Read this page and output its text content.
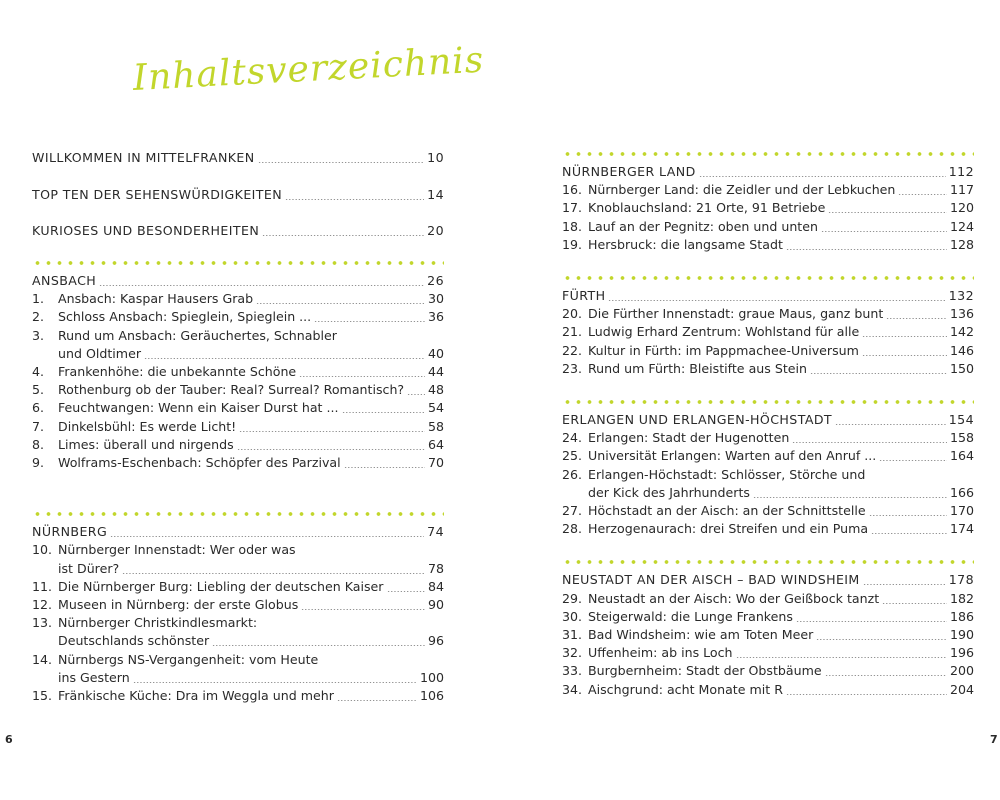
Inhaltsverzeichnis
WILLKOMMEN IN MITTELFRANKEN	10
TOP TEN DER SEHENSWÜRDIGKEITEN	14
KURIOSES UND BESONDERHEITEN	20
ANSBACH	26
1.	Ansbach: Kaspar Hausers Grab	30
2.	Schloss Ansbach: Spieglein, Spieglein ...	36
3.	Rund um Ansbach: Geräuchertes, Schnabler
und Oldtimer	40
4.	Frankenhöhe: die unbekannte Schöne	44
5.	Rothenburg ob der Tauber: Real? Surreal? Romantisch? 48
6.	Feuchtwangen: Wenn ein Kaiser Durst hat ...	54
7.	Dinkelsbühl: Es werde Licht!	58
8.	Limes: überall und nirgends	64
9.	Wolframs-Eschenbach: Schöpfer des Parzival	70
NÜRNBERG	74
10. Nürnberger Innenstadt: Wer oder was
ist Dürer?	78
11. Die Nürnberger Burg: Liebling der deutschen Kaiser	84
12. Museen in Nürnberg: der erste Globus	90
13. Nürnberger Christkindlesmarkt:
Deutschlands schönster	96
14. Nürnbergs NS-Vergangenheit: vom Heute
ins Gestern	100
15. Fränkische Küche: Dra im Weggla und mehr	106
NÜRNBERGER LAND	112
16. Nürnberger Land: die Zeidler und der Lebkuchen	117
17. Knoblauchsland: 21 Orte, 91 Betriebe	120
18. Lauf an der Pegnitz: oben und unten	124
19. Hersbruck: die langsame Stadt	128
FÜRTH	132
20. Die Fürther Innenstadt: graue Maus, ganz bunt	136
21. Ludwig Erhard Zentrum: Wohlstand für alle	142
22. Kultur in Fürth: im Pappmachee-Universum	146
23. Rund um Fürth: Bleistifte aus Stein	150
ERLANGEN UND ERLANGEN-HÖCHSTADT	154
24. Erlangen: Stadt der Hugenotten	158
25. Universität Erlangen: Warten auf den Anruf ...	164
26. Erlangen-Höchstadt: Schlösser, Störche und
der Kick des Jahrhunderts	166
27. Höchstadt an der Aisch: an der Schnittstelle	170
28. Herzogenaurach: drei Streifen und ein Puma	174
NEUSTADT AN DER AISCH – BAD WINDSHEIM	178
29. Neustadt an der Aisch: Wo der Geißbock tanzt	182
30. Steigerwald: die Lunge Frankens	186
31. Bad Windsheim: wie am Toten Meer	190
32. Uffenheim: ab ins Loch	196
33. Burgbernheim: Stadt der Obstbäume	200
34. Aischgrund: acht Monate mit R	204
6	7
